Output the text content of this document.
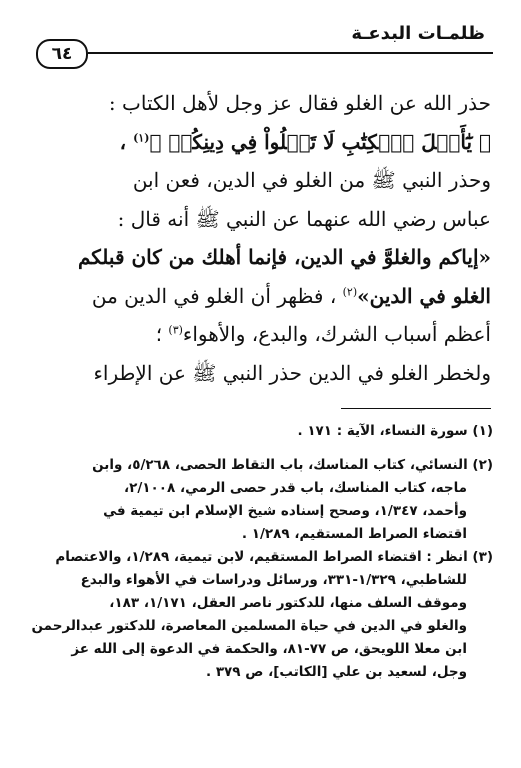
٦٤
ظلمـات البدعـة
حذر الله عن الغلو فقال عز وجل لأهل الكتاب :
﴿ يَٰٓأَهۡلَ ٱلۡكِتَٰبِ لَا تَغۡلُواْ فِي دِينِكُمۡ ﴾$^{(١)}$ ،
وحذر النبي ﷺ من الغلو في الدين، فعن ابن
عباس رضي الله عنهما عن النبي ﷺ أنه قال :
«إياكم والغلوَّ في الدين، فإنما أهلك من كان قبلكم
الغلو في الدين»$^{(٢)}$ ، فظهر أن الغلو في الدين من
أعظم أسباب الشرك، والبدع، والأهواء$^{(٣)}$ ؛
ولخطر الغلو في الدين حذر النبي ﷺ عن الإطراء
(١) سورة النساء، الآية : ١٧١ .
(٢) النسائي، كتاب المناسك، باب التقاط الحصى، ٥/٢٦٨، وابن
ماجه، كتاب المناسك، باب قدر حصى الرمي، ٢/١٠٠٨،
وأحمد، ١/٣٤٧، وصحح إسناده شيخ الإسلام ابن تيمية في
اقتضاء الصراط المستقيم، ١/٢٨٩ .
(٣) انظر : اقتضاء الصراط المستقيم، لابن تيمية، ١/٢٨٩، والاعتصام
للشاطبي، ١/٣٢٩-٣٣١، ورسائل ودراسات في الأهواء والبدع
وموقف السلف منها، للدكتور ناصر العقل، ١/١٧١، ١٨٣،
والغلو في الدين في حياة المسلمين المعاصرة، للدكتور عبدالرحمن
ابن معلا اللويحق، ص ٧٧-٨١، والحكمة في الدعوة إلى الله عز
وجل، لسعيد بن علي [الكاتب]، ص ٣٧٩ .
